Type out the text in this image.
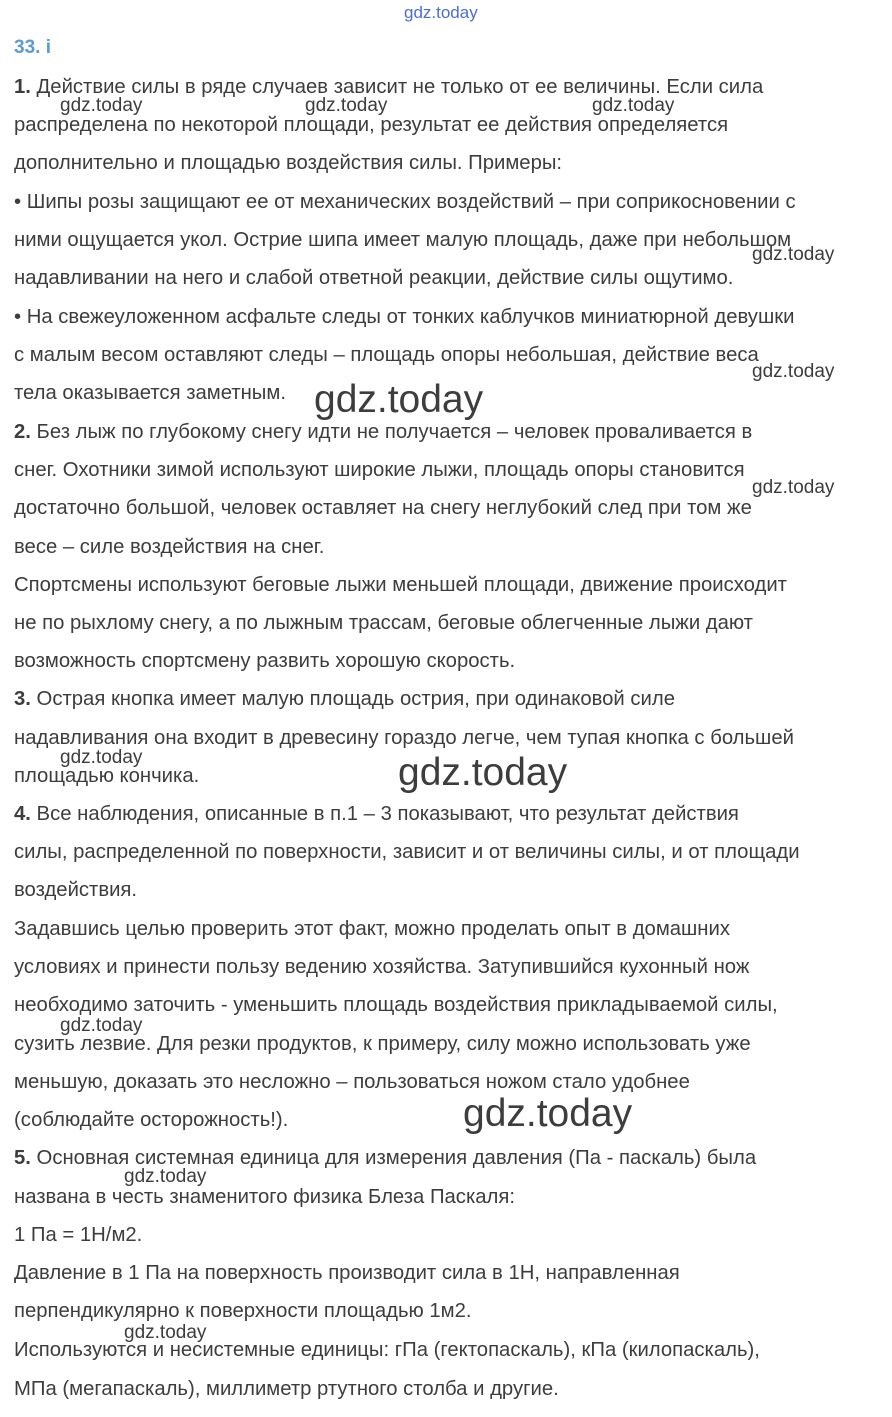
gdz.today
33. і
1. Действие силы в ряде случаев зависит не только от ее величины. Если сила
распределена по некоторой площади, результат ее действия определяется
дополнительно и площадью воздействия силы. Примеры:
• Шипы розы защищают ее от механических воздействий – при соприкосновении с
ними ощущается укол. Острие шипа имеет малую площадь, даже при небольшом
надавливании на него и слабой ответной реакции, действие силы ощутимо.
• На свежеуложенном асфальте следы от тонких каблучков миниатюрной девушки
с малым весом оставляют следы – площадь опоры небольшая, действие веса
тела оказывается заметным.
2. Без лыж по глубокому снегу идти не получается – человек проваливается в
снег. Охотники зимой используют широкие лыжи, площадь опоры становится
достаточно большой, человек оставляет на снегу неглубокий след при том же
весе – силе воздействия на снег.
Спортсмены используют беговые лыжи меньшей площади, движение происходит
не по рыхлому снегу, а по лыжным трассам, беговые облегченные лыжи дают
возможность спортсмену развить хорошую скорость.
3. Острая кнопка имеет малую площадь острия, при одинаковой силе
надавливания она входит в древесину гораздо легче, чем тупая кнопка с большей
площадью кончика.
4. Все наблюдения, описанные в п.1 – 3 показывают, что результат действия
силы, распределенной по поверхности, зависит и от величины силы, и от площади
воздействия.
Задавшись целью проверить этот факт, можно проделать опыт в домашних
условиях и принести пользу ведению хозяйства. Затупившийся кухонный нож
необходимо заточить - уменьшить площадь воздействия прикладываемой силы,
сузить лезвие. Для резки продуктов, к примеру, силу можно использовать уже
меньшую, доказать это несложно – пользоваться ножом стало удобнее
(соблюдайте осторожность!).
5. Основная системная единица для измерения давления (Па - паскаль) была
названа в честь знаменитого физика Блеза Паскаля:
1 Па = 1Н/м2.
Давление в 1 Па на поверхность производит сила в 1Н, направленная
перпендикулярно к поверхности площадью 1м2.
Используются и несистемные единицы: гПа (гектопаскаль), кПа (килопаскаль),
МПа (мегапаскаль), миллиметр ртутного столба и другие.
gdz.today	gdz.today	gdz.today
gdz.today
gdz.today
gdz.today
gdz.today
gdz.today	gdz.today
gdz.today
gdz.today
gdz.today
gdz.today
